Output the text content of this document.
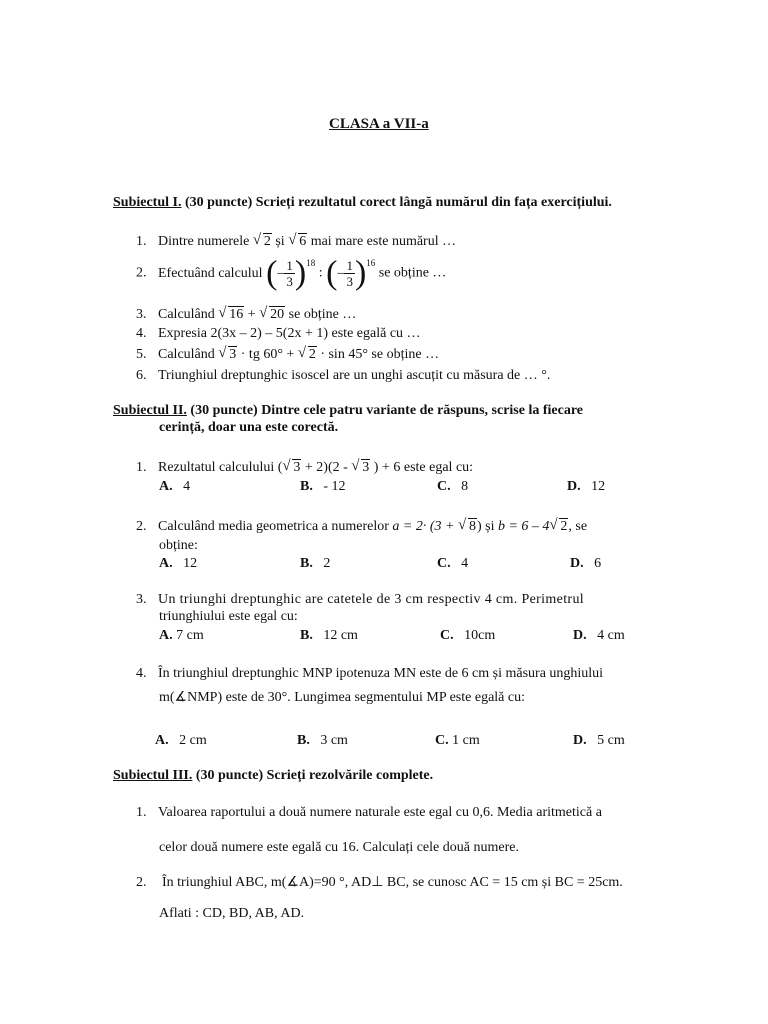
CLASA a VII-a
Subiectul I. (30 puncte) Scrieți rezultatul corect lângă numărul din fața exercițiului.
1. Dintre numerele √ 2 și √ 6 mai mare este numărul …
2. Efectuând calculul (– $\frac{1}{3} )^{18}$ : (– $\frac{1}{3} )^{16}$ se obține …
3. Calculând √ 16 + √ 20 se obține …
4. Expresia 2(3x – 2) – 5(2x + 1) este egală cu …
5. Calculând √ 3 · tg 60° + √ 2 · sin 45° se obține …
6. Triunghiul dreptunghic isoscel are un unghi ascuțit cu măsura de … °.
Subiectul II. (30 puncte) Dintre cele patru variante de răspuns, scrise la fiecare
cerință, doar una este corectă.
1. Rezultatul calculului ( √ 3 + 2)(2 - √ 3 ) + 6 este egal cu:
A. 4	B. - 12	C. 8	D. 12
2. Calculând media geometrica a numerelor a = 2· (3 + √ 8) și b = 6 – 4 √ 2, se
obține:
A. 12	B. 2	C. 4	D. 6
3. Un triunghi dreptunghic are catetele de 3 cm respectiv 4 cm. Perimetrul
triunghiului este egal cu:
A. 7 cm	B. 12 cm	C. 10cm	D. 4 cm
4. În triunghiul dreptunghic MNP ipotenuza MN este de 6 cm și măsura unghiului
m(∡NMP) este de 30°. Lungimea segmentului MP este egală cu:
A. 2 cm	B. 3 cm	C. 1 cm	D. 5 cm
Subiectul III. (30 puncte) Scrieți rezolvările complete.
1. Valoarea raportului a două numere naturale este egal cu 0,6. Media aritmetică a
celor două numere este egală cu 16. Calculați cele două numere.
2. În triunghiul ABC, m(∡A)=90 °, AD⊥ BC, se cunosc AC = 15 cm și BC = 25cm.
Aflati : CD, BD, AB, AD.
